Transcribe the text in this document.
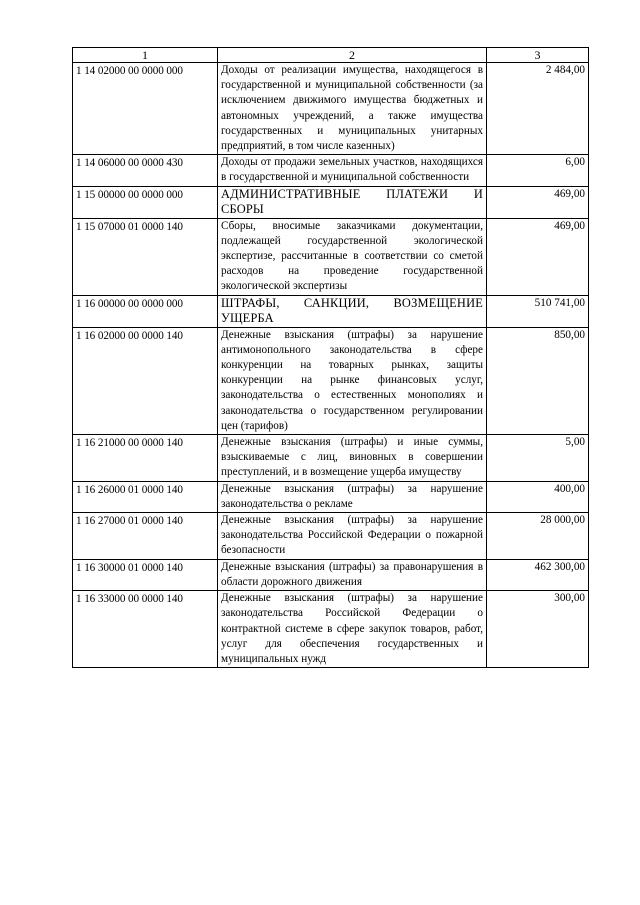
1	2	3
1 14 02000 00 0000 000	Доходы от реализации имущества, находящегося в государственной и муниципальной собственности (за исключением движимого имущества бюджетных и автономных учреждений, а также имущества государственных и муниципальных унитарных предприятий, в том числе казенных)	2 484,00
1 14 06000 00 0000 430	Доходы от продажи земельных участков, находящихся в государственной и муниципальной собственности	6,00
1 15 00000 00 0000 000	АДМИНИСТРАТИВНЫЕ ПЛАТЕЖИ И СБОРЫ	469,00
1 15 07000 01 0000 140	Сборы, вносимые заказчиками документации, подлежащей государственной экологической экспертизе, рассчитанные в соответствии со сметой расходов на проведение государственной экологической экспертизы	469,00
1 16 00000 00 0000 000	ШТРАФЫ, САНКЦИИ, ВОЗМЕЩЕНИЕ УЩЕРБА	510 741,00
1 16 02000 00 0000 140	Денежные взыскания (штрафы) за нарушение антимонопольного законодательства в сфере конкуренции на товарных рынках, защиты конкуренции на рынке финансовых услуг, законодательства о естественных монополиях и законодательства о государственном регулировании цен (тарифов)	850,00
1 16 21000 00 0000 140	Денежные взыскания (штрафы) и иные суммы, взыскиваемые с лиц, виновных в совершении преступлений, и в возмещение ущерба имуществу	5,00
1 16 26000 01 0000 140	Денежные взыскания (штрафы) за нарушение законодательства о рекламе	400,00
1 16 27000 01 0000 140	Денежные взыскания (штрафы) за нарушение законодательства Российской Федерации о пожарной безопасности	28 000,00
1 16 30000 01 0000 140	Денежные взыскания (штрафы) за правонарушения в области дорожного движения	462 300,00
1 16 33000 00 0000 140	Денежные взыскания (штрафы) за нарушение законодательства Российской Федерации о контрактной системе в сфере закупок товаров, работ, услуг для обеспечения государственных и муниципальных нужд	300,00
